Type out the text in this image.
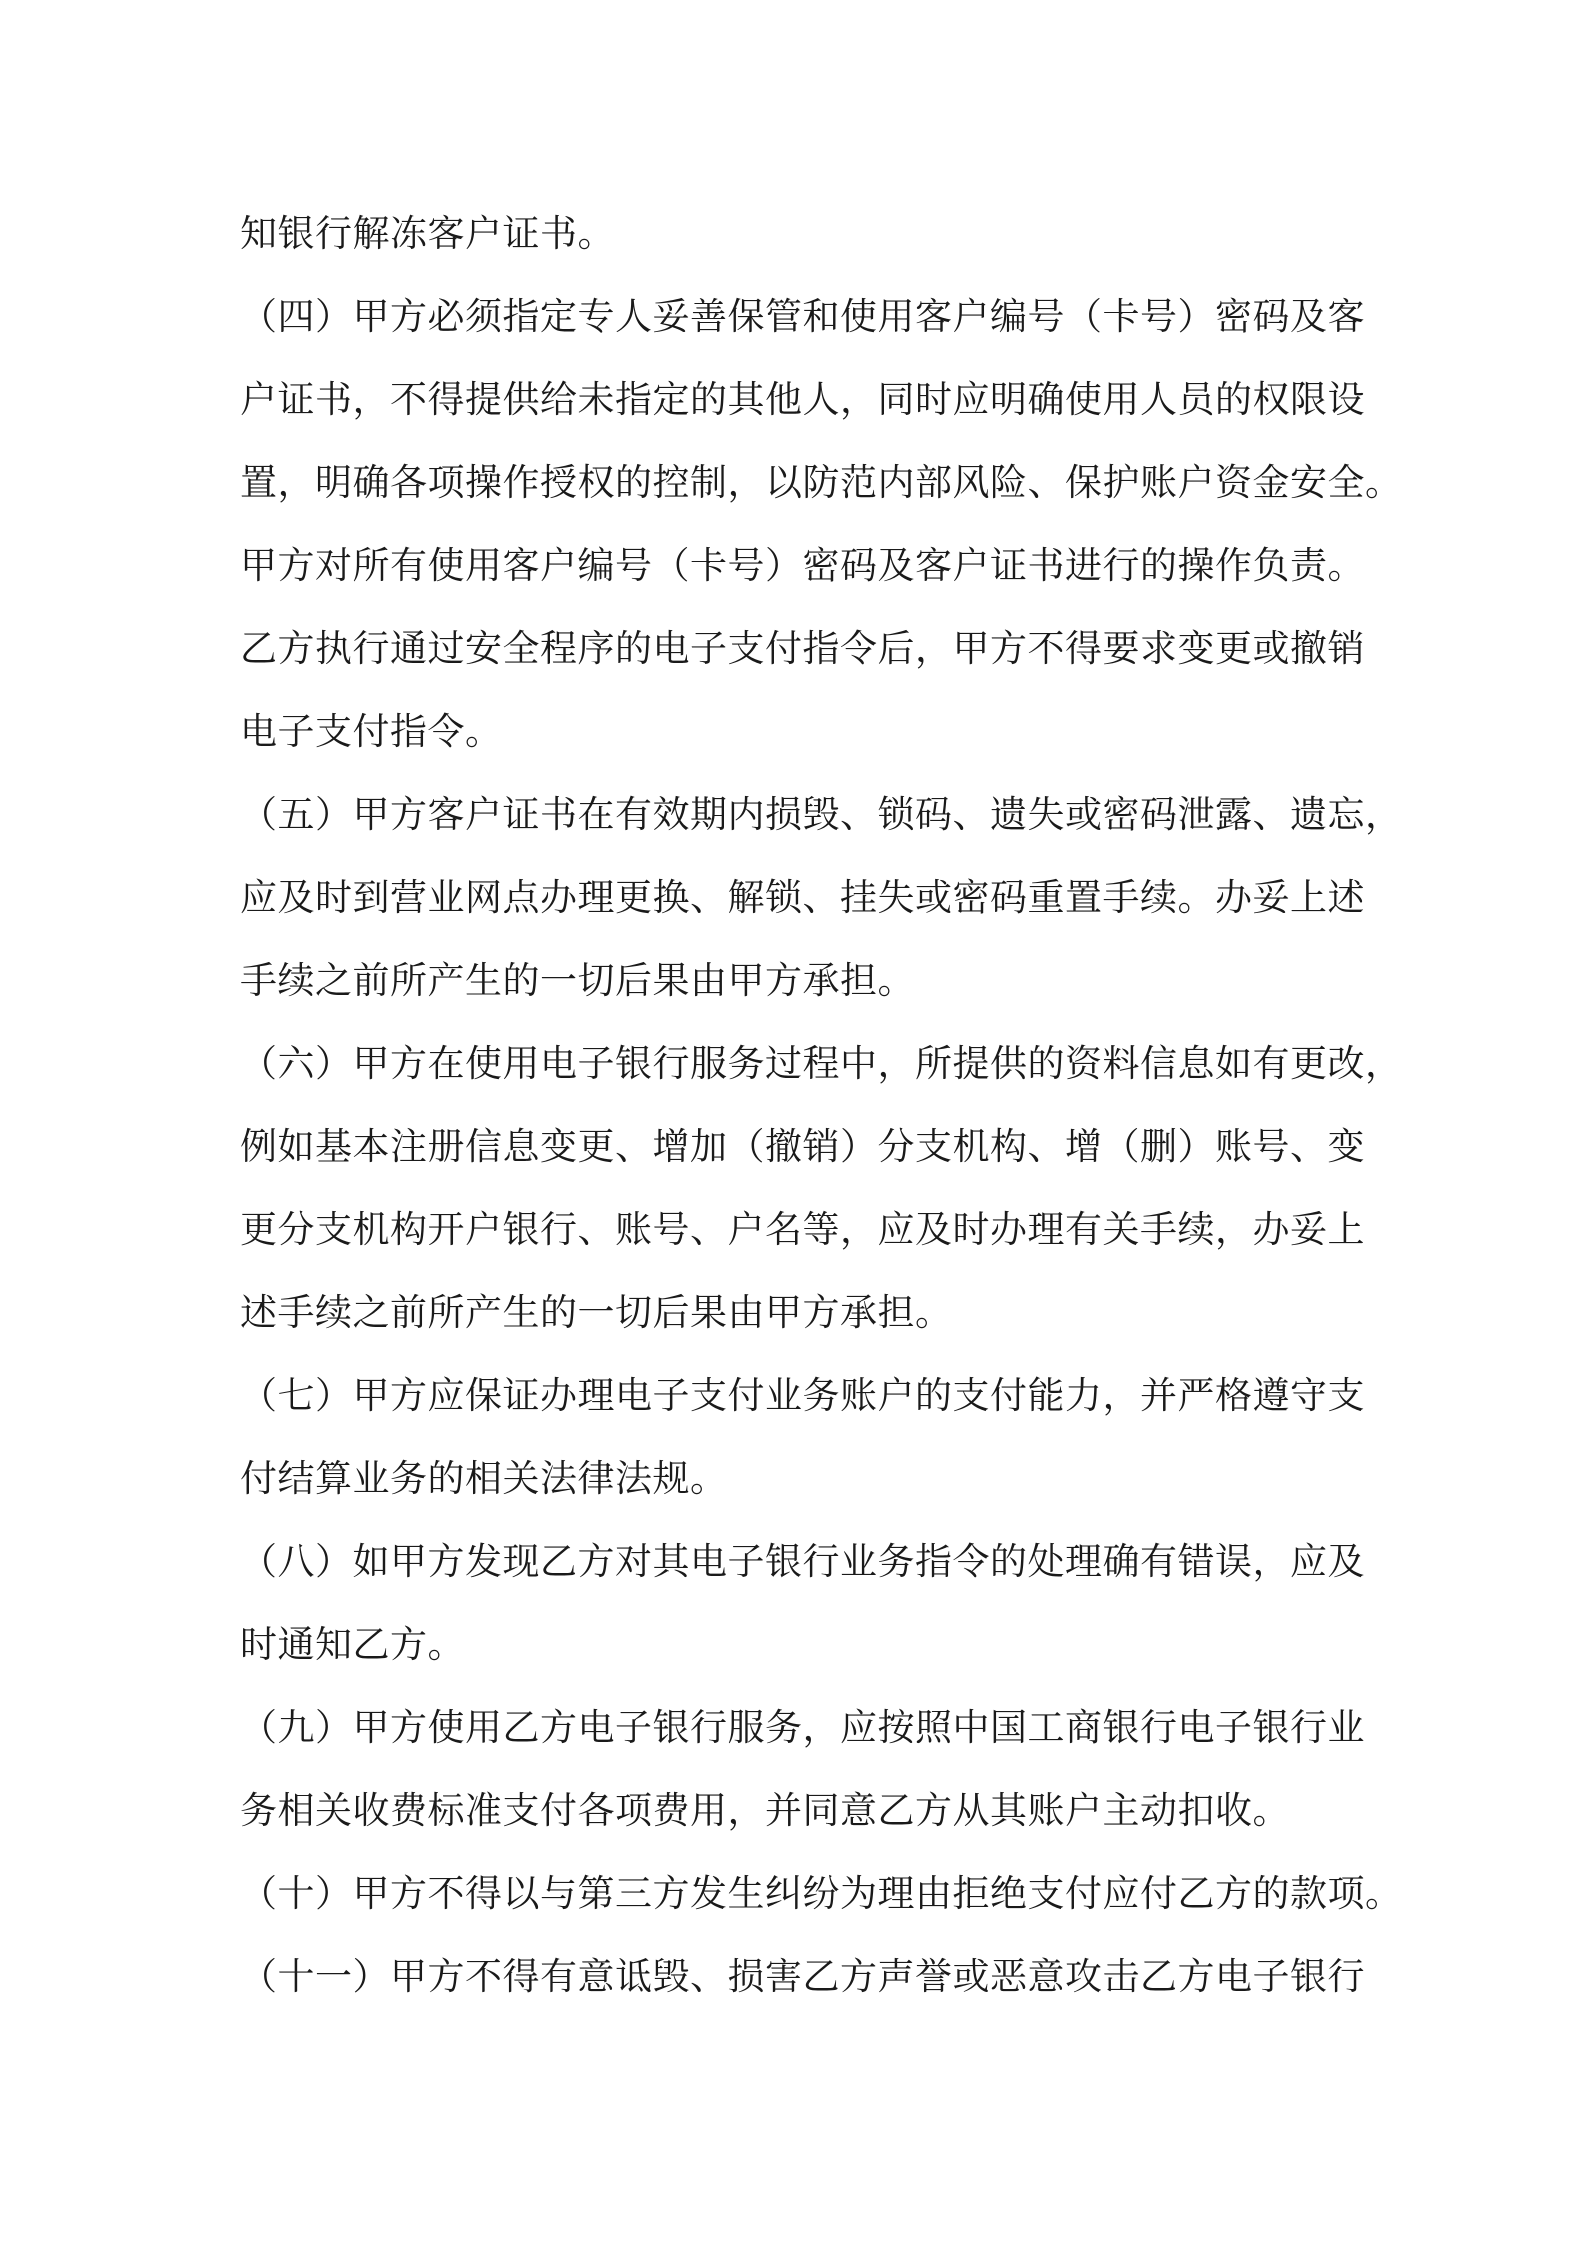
知银行解冻客户证书。
（四）甲方必须指定专人妥善保管和使用客户编号（卡号）密码及客
户证书，不得提供给未指定的其他人，同时应明确使用人员的权限设
置，明确各项操作授权的控制，以防范内部风险、保护账户资金安全。
甲方对所有使用客户编号（卡号）密码及客户证书进行的操作负责。
乙方执行通过安全程序的电子支付指令后，甲方不得要求变更或撤销
电子支付指令。
（五）甲方客户证书在有效期内损毁、锁码、遗失或密码泄露、遗忘，
应及时到营业网点办理更换、解锁、挂失或密码重置手续。办妥上述
手续之前所产生的一切后果由甲方承担。
（六）甲方在使用电子银行服务过程中，所提供的资料信息如有更改，
例如基本注册信息变更、增加（撤销）分支机构、增（删）账号、变
更分支机构开户银行、账号、户名等，应及时办理有关手续，办妥上
述手续之前所产生的一切后果由甲方承担。
（七）甲方应保证办理电子支付业务账户的支付能力，并严格遵守支
付结算业务的相关法律法规。
（八）如甲方发现乙方对其电子银行业务指令的处理确有错误，应及
时通知乙方。
（九）甲方使用乙方电子银行服务，应按照中国工商银行电子银行业
务相关收费标准支付各项费用，并同意乙方从其账户主动扣收。
（十）甲方不得以与第三方发生纠纷为理由拒绝支付应付乙方的款项。
（十一）甲方不得有意诋毁、损害乙方声誉或恶意攻击乙方电子银行
